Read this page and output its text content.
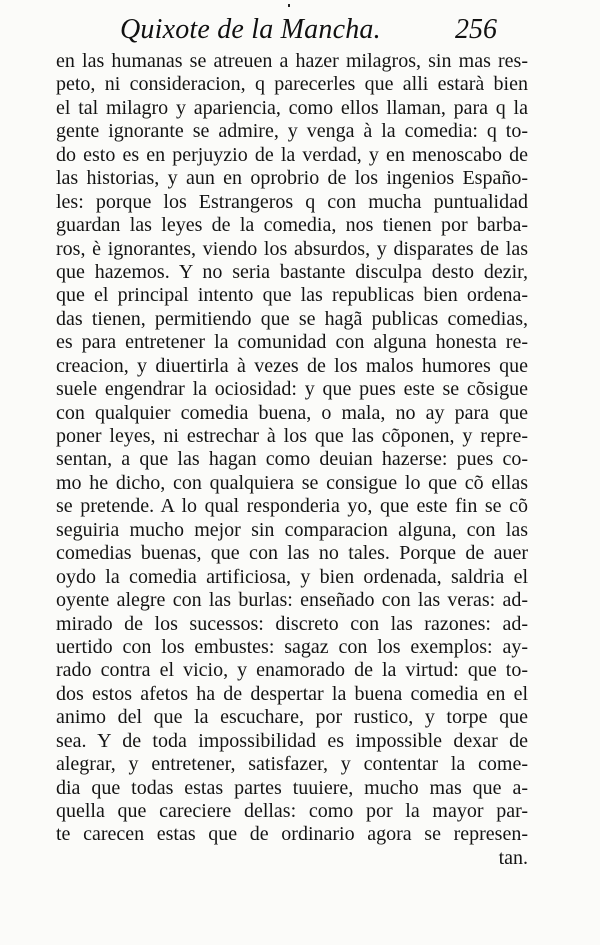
Quixote de la Mancha.	256
en las humanas se atreuen a hazer milagros, sin mas res-
peto, ni consideracion, q parecerles que alli estarà bien
el tal milagro y apariencia, como ellos llaman, para q la
gente ignorante se admire, y venga à la comedia: q to-
do esto es en perjuyzio de la verdad, y en menoscabo de
las historias, y aun en oprobrio de los ingenios Españo-
les: porque los Estrangeros q con mucha puntualidad
guardan las leyes de la comedia, nos tienen por barba-
ros, è ignorantes, viendo los absurdos, y disparates de las
que hazemos. Y no seria bastante disculpa desto dezir,
que el principal intento que las republicas bien ordena-
das tienen, permitiendo que se hagã publicas comedias,
es para entretener la comunidad con alguna honesta re-
creacion, y diuertirla à vezes de los malos humores que
suele engendrar la ociosidad: y que pues este se cõsigue
con qualquier comedia buena, o mala, no ay para que
poner leyes, ni estrechar à los que las cõponen, y repre-
sentan, a que las hagan como deuian hazerse: pues co-
mo he dicho, con qualquiera se consigue lo que cõ ellas
se pretende. A lo qual responderia yo, que este fin se cõ
seguiria mucho mejor sin comparacion alguna, con las
comedias buenas, que con las no tales. Porque de auer
oydo la comedia artificiosa, y bien ordenada, saldria el
oyente alegre con las burlas: enseñado con las veras: ad-
mirado de los sucessos: discreto con las razones: ad-
uertido con los embustes: sagaz con los exemplos: ay-
rado contra el vicio, y enamorado de la virtud: que to-
dos estos afetos ha de despertar la buena comedia en el
animo del que la escuchare, por rustico, y torpe que
sea. Y de toda impossibilidad es impossible dexar de
alegrar, y entretener, satisfazer, y contentar la come-
dia que todas estas partes tuuiere, mucho mas que a-
quella que careciere dellas: como por la mayor par-
te carecen estas que de ordinario agora se represen-
tan.
